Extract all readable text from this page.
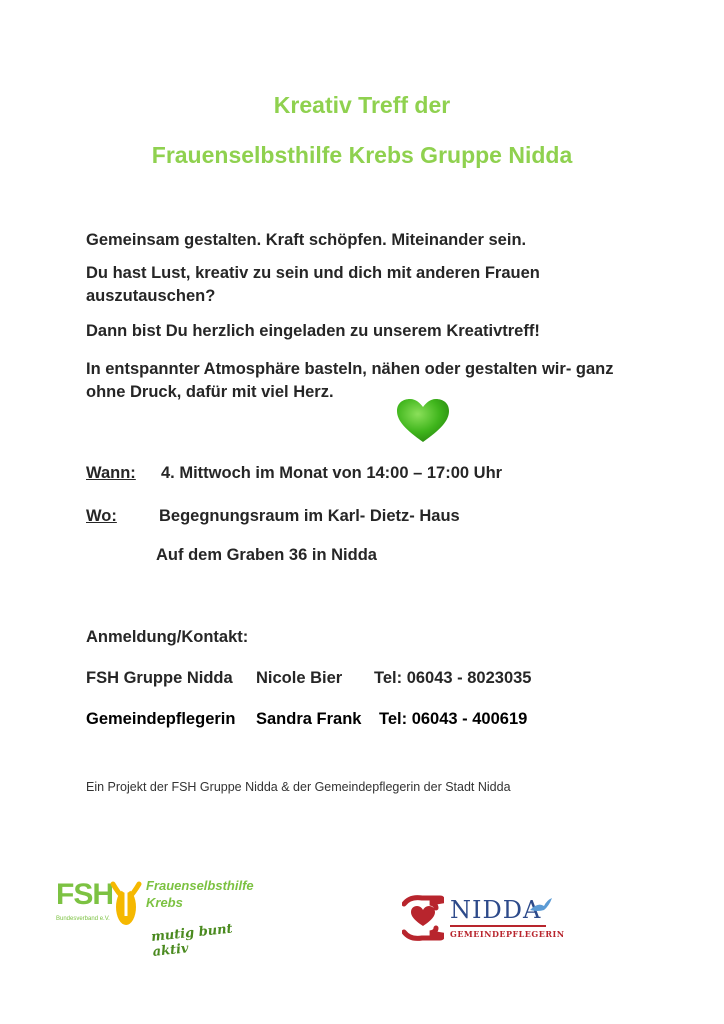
Kreativ Treff der
Frauenselbsthilfe Krebs Gruppe Nidda
Gemeinsam gestalten. Kraft schöpfen. Miteinander sein.
Du hast Lust, kreativ zu sein und dich mit anderen Frauen
auszutauschen?
Dann bist Du herzlich eingeladen zu unserem Kreativtreff!
In entspannter Atmosphäre basteln, nähen oder gestalten wir- ganz
ohne Druck, dafür mit viel Herz.
Wann: 4. Mittwoch im Monat von 14:00 – 17:00 Uhr
Wo:	Begegnungsraum im Karl- Dietz- Haus
Auf dem Graben 36 in Nidda
Anmeldung/Kontakt:
FSH Gruppe Nidda Nicole Bier Tel: 06043 - 8023035
Gemeindepflegerin Sandra Frank Tel: 06043 - 400619
Ein Projekt der FSH Gruppe Nidda & der Gemeindepflegerin der Stadt Nidda
FSH
Bundesverband e.V.
Frauenselbsthilfe
Krebs
mutig bunt aktiv
NIDDA
GEMEINDEPFLEGERIN
